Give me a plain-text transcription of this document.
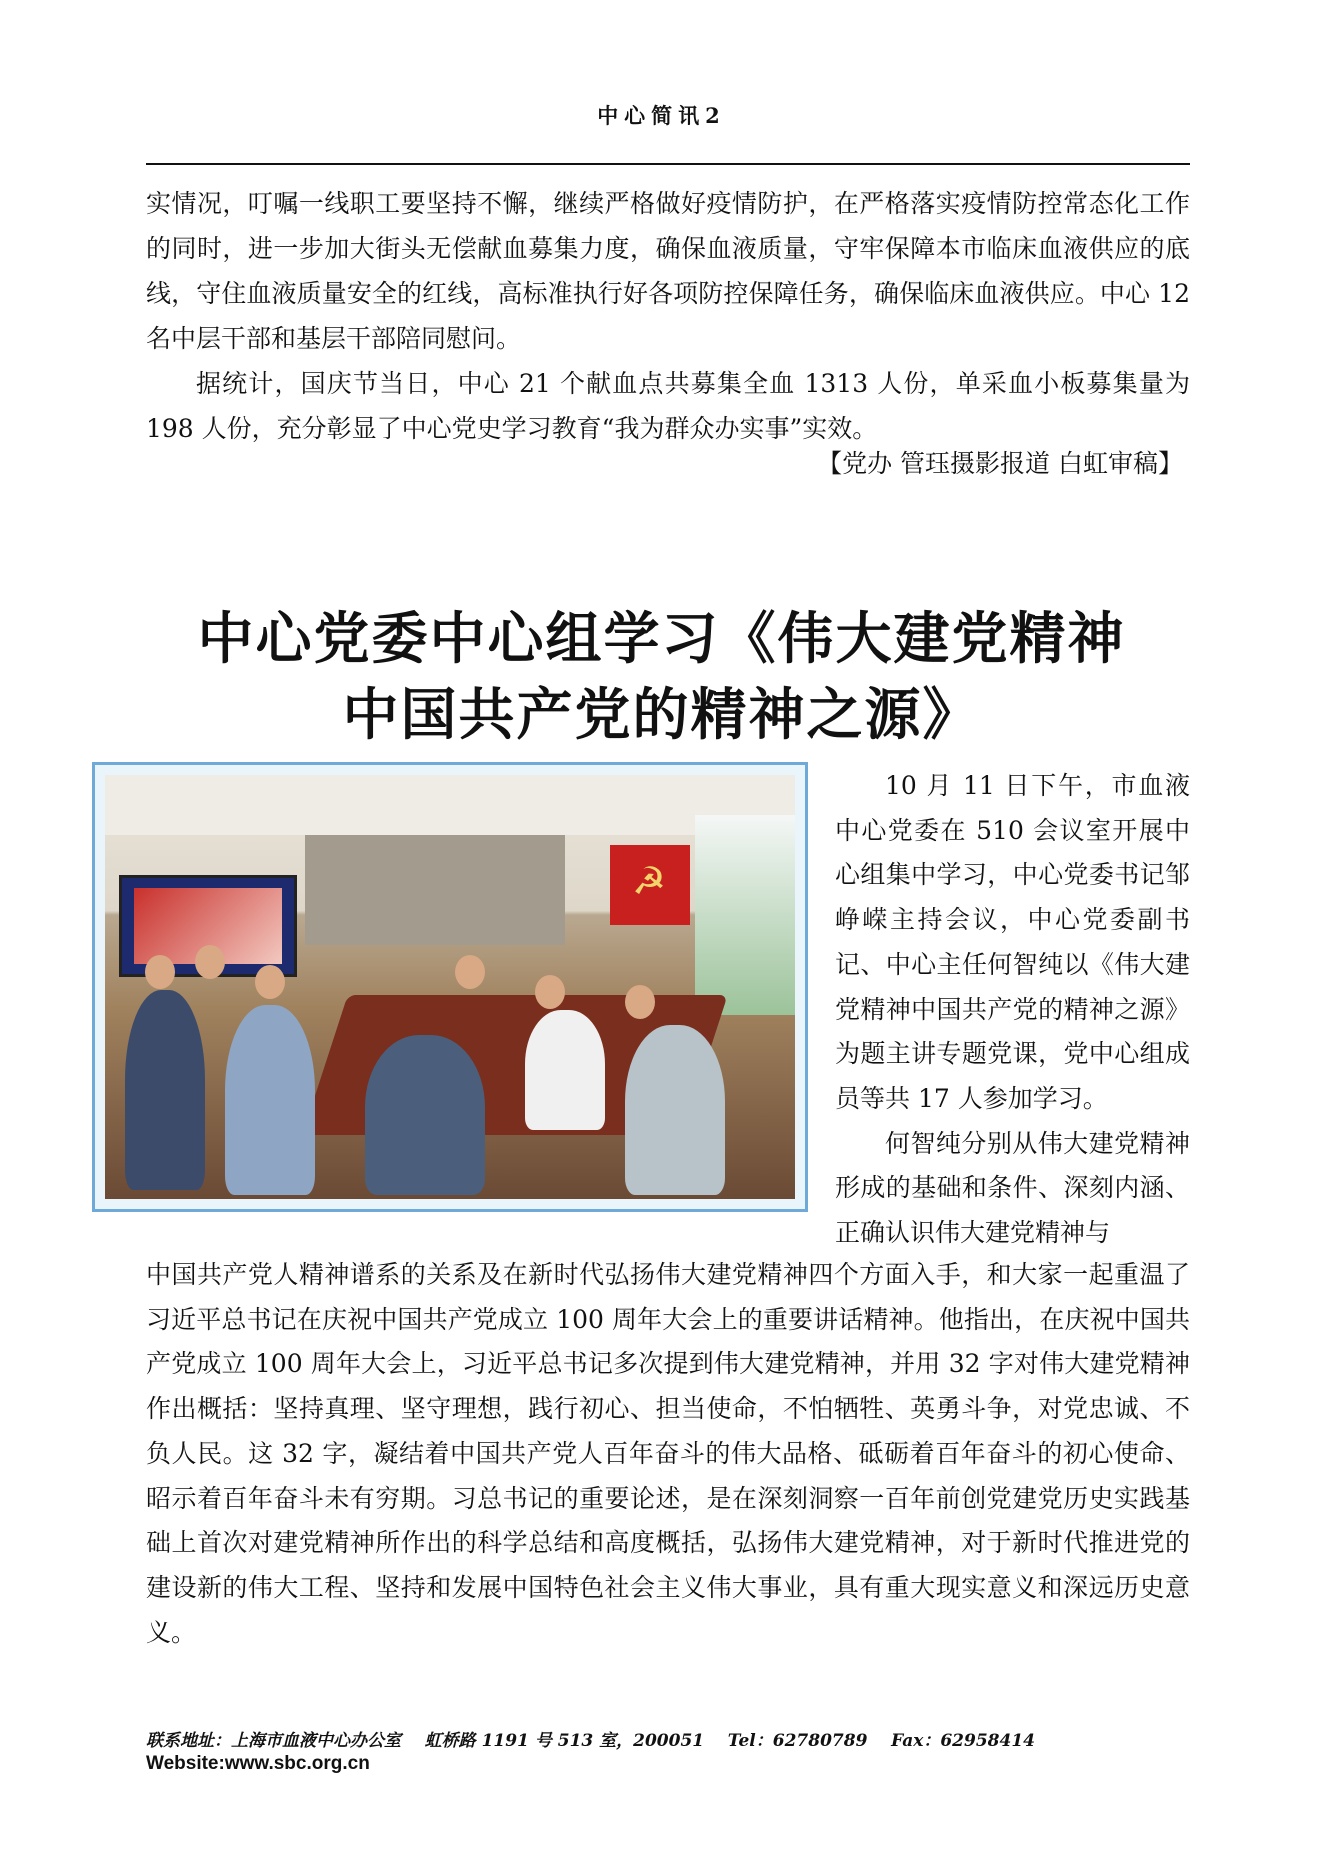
中心简讯2

实情况，叮嘱一线职工要坚持不懈，继续严格做好疫情防护，在严格落实疫情防控常态化工作的同时，进一步加大街头无偿献血募集力度，确保血液质量，守牢保障本市临床血液供应的底线，守住血液质量安全的红线，高标准执行好各项防控保障任务，确保临床血液供应。中心 12 名中层干部和基层干部陪同慰问。

据统计，国庆节当日，中心 21 个献血点共募集全血 1313 人份，单采血小板募集量为 198 人份，充分彰显了中心党史学习教育“我为群众办实事”实效。

【党办 管珏摄影报道 白虹审稿】
中心党委中心组学习《伟大建党精神
中国共产党的精神之源》
☭

10 月 11 日下午，市血液中心党委在 510 会议室开展中心组集中学习，中心党委书记邹峥嵘主持会议，中心党委副书记、中心主任何智纯以《伟大建党精神中国共产党的精神之源》为题主讲专题党课，党中心组成员等共 17 人参加学习。

何智纯分别从伟大建党精神形成的基础和条件、深刻内涵、正确认识伟大建党精神与

中国共产党人精神谱系的关系及在新时代弘扬伟大建党精神四个方面入手，和大家一起重温了习近平总书记在庆祝中国共产党成立 100 周年大会上的重要讲话精神。他指出，在庆祝中国共产党成立 100 周年大会上，习近平总书记多次提到伟大建党精神，并用 32 字对伟大建党精神作出概括：坚持真理、坚守理想，践行初心、担当使命，不怕牺牲、英勇斗争，对党忠诚、不负人民。这 32 字，凝结着中国共产党人百年奋斗的伟大品格、砥砺着百年奋斗的初心使命、昭示着百年奋斗未有穷期。习总书记的重要论述，是在深刻洞察一百年前创党建党历史实践基础上首次对建党精神所作出的科学总结和高度概括，弘扬伟大建党精神，对于新时代推进党的建设新的伟大工程、坚持和发展中国特色社会主义伟大事业，具有重大现实意义和深远历史意义。
联系地址：上海市血液中心办公室    虹桥路 1191 号 513 室，200051    Tel：62780789    Fax：62958414
Website:www.sbc.org.cn
